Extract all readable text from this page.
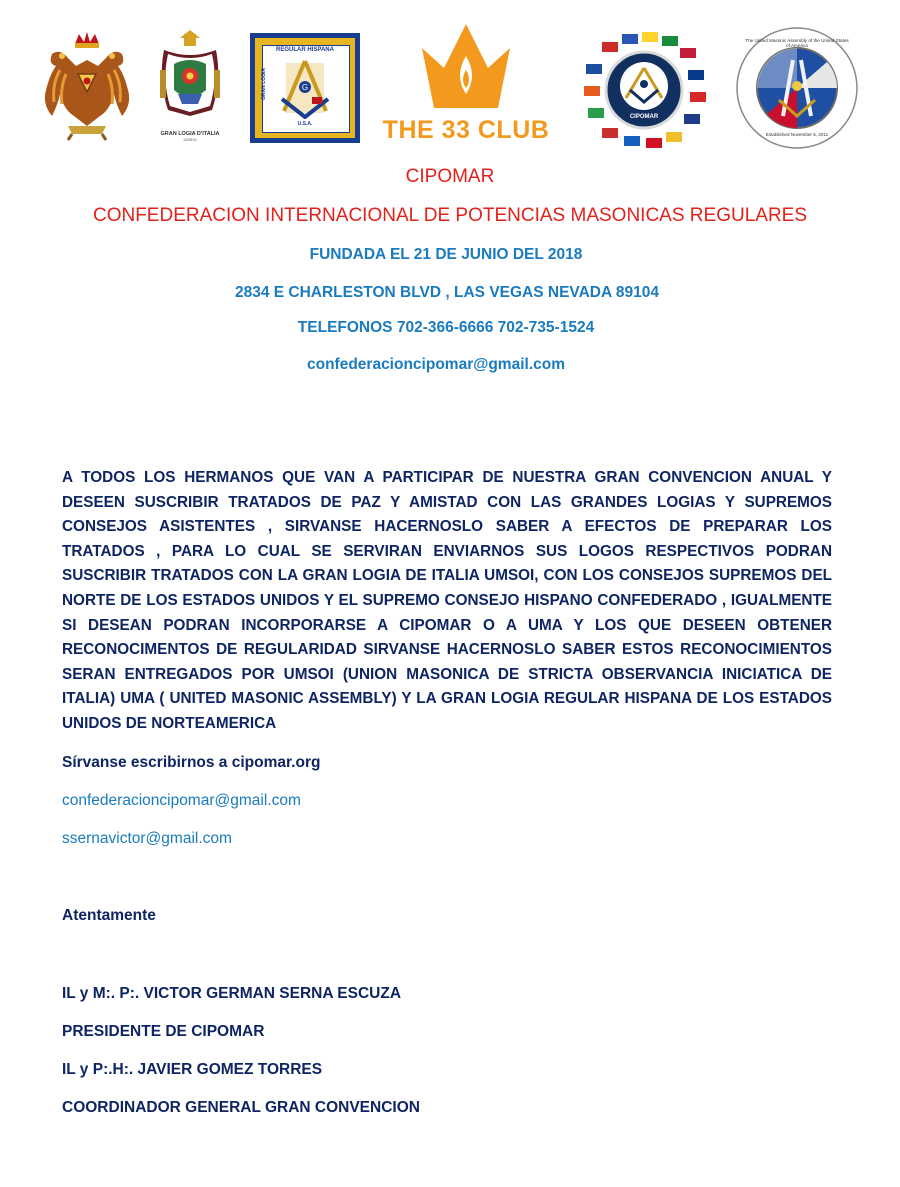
GRAN LOGIA D'ITALIA
UMSOI
REGULAR HISPANA
GRAN LOGIA
U.S.A.
G
THE 33 CLUB	CIPOMAR
The United Masonic Assembly of the United States of America
Established November 5, 2011
CIPOMAR
CONFEDERACION INTERNACIONAL DE POTENCIAS MASONICAS REGULARES
FUNDADA EL 21 DE JUNIO DEL 2018
2834 E CHARLESTON BLVD , LAS VEGAS NEVADA 89104
TELEFONOS 702-366-6666 702-735-1524
confederacioncipomar@gmail.com

A TODOS LOS HERMANOS QUE VAN A PARTICIPAR DE NUESTRA GRAN CONVENCION ANUAL Y DESEEN SUSCRIBIR TRATADOS DE PAZ Y AMISTAD CON LAS GRANDES LOGIAS Y SUPREMOS CONSEJOS ASISTENTES , SIRVANSE HACERNOSLO SABER A EFECTOS DE PREPARAR LOS TRATADOS , PARA LO CUAL SE SERVIRAN ENVIARNOS SUS LOGOS RESPECTIVOS PODRAN SUSCRIBIR TRATADOS CON LA GRAN LOGIA DE ITALIA UMSOI, CON LOS CONSEJOS SUPREMOS DEL NORTE DE LOS ESTADOS UNIDOS Y EL SUPREMO CONSEJO HISPANO CONFEDERADO , IGUALMENTE SI DESEAN PODRAN INCORPORARSE A CIPOMAR O A UMA Y LOS QUE DESEEN OBTENER RECONOCIMENTOS DE REGULARIDAD SIRVANSE HACERNOSLO SABER ESTOS RECONOCIMIENTOS SERAN ENTREGADOS POR UMSOI (UNION MASONICA DE STRICTA OBSERVANCIA INICIATICA DE ITALIA) UMA ( UNITED MASONIC ASSEMBLY) Y LA GRAN LOGIA REGULAR HISPANA DE LOS ESTADOS UNIDOS DE NORTEAMERICA

Sírvanse escribirnos a cipomar.org
confederacioncipomar@gmail.com
ssernavictor@gmail.com
Atentamente
IL y M:. P:. VICTOR GERMAN SERNA ESCUZA
PRESIDENTE DE CIPOMAR
IL y P:.H:. JAVIER GOMEZ TORRES
COORDINADOR GENERAL GRAN CONVENCION
